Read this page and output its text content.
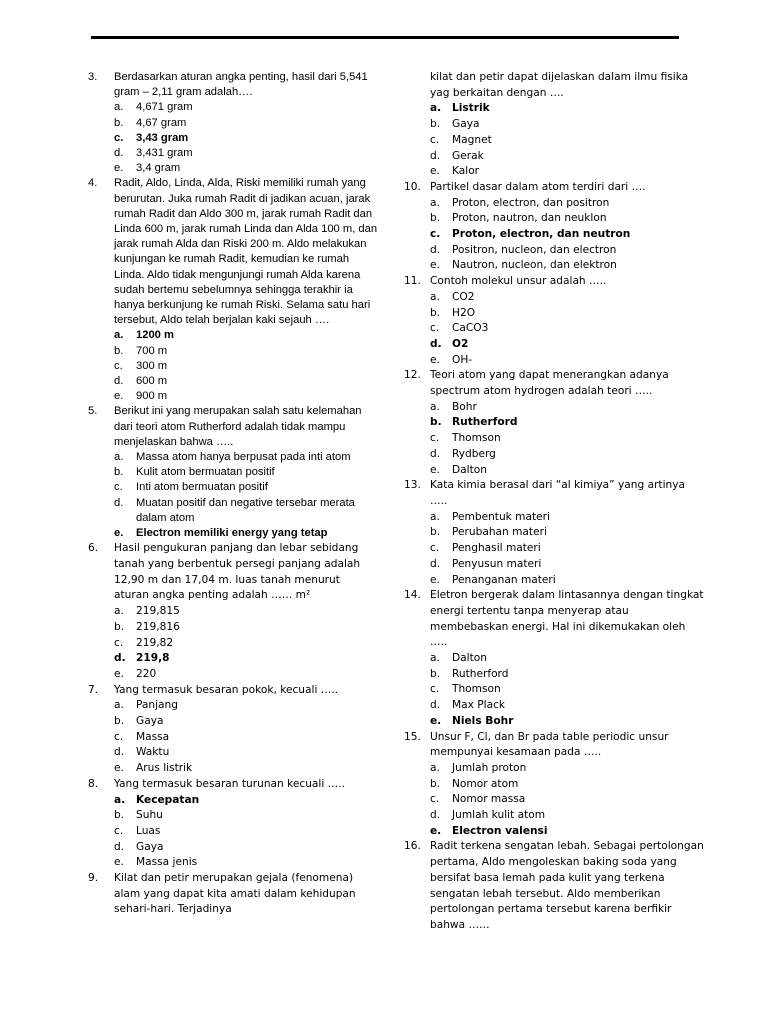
3.	Berdasarkan aturan angka penting, hasil dari 5,541 gram – 2,11 gram adalah….
a.	4,671 gram
b.	4,67 gram
c.	3,43 gram
d.	3,431 gram
e.	3,4 gram
4.	Radit, Aldo, Linda, Alda, Riski memiliki rumah yang berurutan. Juka rumah Radit di jadikan acuan, jarak rumah Radit dan Aldo 300 m, jarak rumah Radit dan Linda 600 m, jarak rumah Linda dan Alda 100 m, dan jarak rumah Alda dan Riski 200 m. Aldo melakukan kunjungan ke rumah Radit, kemudian ke rumah Linda. Aldo tidak mengunjungi rumah Alda karena sudah bertemu sebelumnya sehingga terakhir ia hanya berkunjung ke rumah Riski. Selama satu hari tersebut, Aldo telah berjalan kaki sejauh ….
a.	1200 m
b.	700 m
c.	300 m
d.	600 m
e.	900 m
5.	Berikut ini yang merupakan salah satu kelemahan dari teori atom Rutherford adalah tidak mampu menjelaskan bahwa …..
a.	Massa atom hanya berpusat pada inti atom
b.	Kulit atom bermuatan positif
c.	Inti atom bermuatan positif
d.	Muatan positif dan negative tersebar merata dalam atom
e.	Electron memiliki energy yang tetap
6.	Hasil pengukuran panjang dan lebar sebidang tanah yang berbentuk persegi panjang adalah 12,90 m dan 17,04 m. luas tanah menurut aturan angka penting adalah …… m²
a.	219,815
b.	219,816
c.	219,82
d. 219,8
e.	220
7.	Yang termasuk besaran pokok, kecuali …..
a.	Panjang
b.	Gaya
c.	Massa
d.	Waktu
e.	Arus listrik
8.	Yang termasuk besaran turunan kecuali …..
a.	Kecepatan
b.	Suhu
c.	Luas
d.	Gaya
e.	Massa jenis
9.	Kilat dan petir merupakan gejala (fenomena) alam yang dapat kita amati dalam kehidupan sehari-hari. Terjadinya
kilat dan petir dapat dijelaskan dalam ilmu fisika yag berkaitan dengan ….
a.	Listrik
b.	Gaya
c.	Magnet
d.	Gerak
e.	Kalor
10. Partikel dasar dalam atom terdiri dari ….
a.	Proton, electron, dan positron
b.	Proton, nautron, dan neuklon
c.	Proton, electron, dan neutron
d.	Positron, nucleon, dan electron
e.	Nautron, nucleon, dan elektron
11. Contoh molekul unsur adalah …..
a.	CO2
b.	H2O
c.	CaCO3
d. O2
e.	OH-
12. Teori atom yang dapat menerangkan adanya spectrum atom hydrogen adalah teori …..
a.	Bohr
b. Rutherford
c.	Thomson
d.	Rydberg
e.	Dalton
13. Kata kimia berasal dari “al kimiya” yang artinya …..
a.	Pembentuk materi
b.	Perubahan materi
c.	Penghasil materi
d.	Penyusun materi
e.	Penanganan materi
14. Eletron bergerak dalam lintasannya dengan tingkat energi tertentu tanpa menyerap atau membebaskan energi. Hal ini dikemukakan oleh …..
a.	Dalton
b.	Rutherford
c.	Thomson
d.	Max Plack
e.	Niels Bohr
15. Unsur F, Cl, dan Br pada table periodic unsur mempunyai kesamaan pada …..
a.	Jumlah proton
b.	Nomor atom
c.	Nomor massa
d.	Jumlah kulit atom
e.	Electron valensi
16. Radit terkena sengatan lebah. Sebagai pertolongan pertama, Aldo mengoleskan baking soda yang bersifat basa lemah pada kulit yang terkena sengatan lebah tersebut. Aldo memberikan pertolongan pertama tersebut karena berfikir bahwa ……
